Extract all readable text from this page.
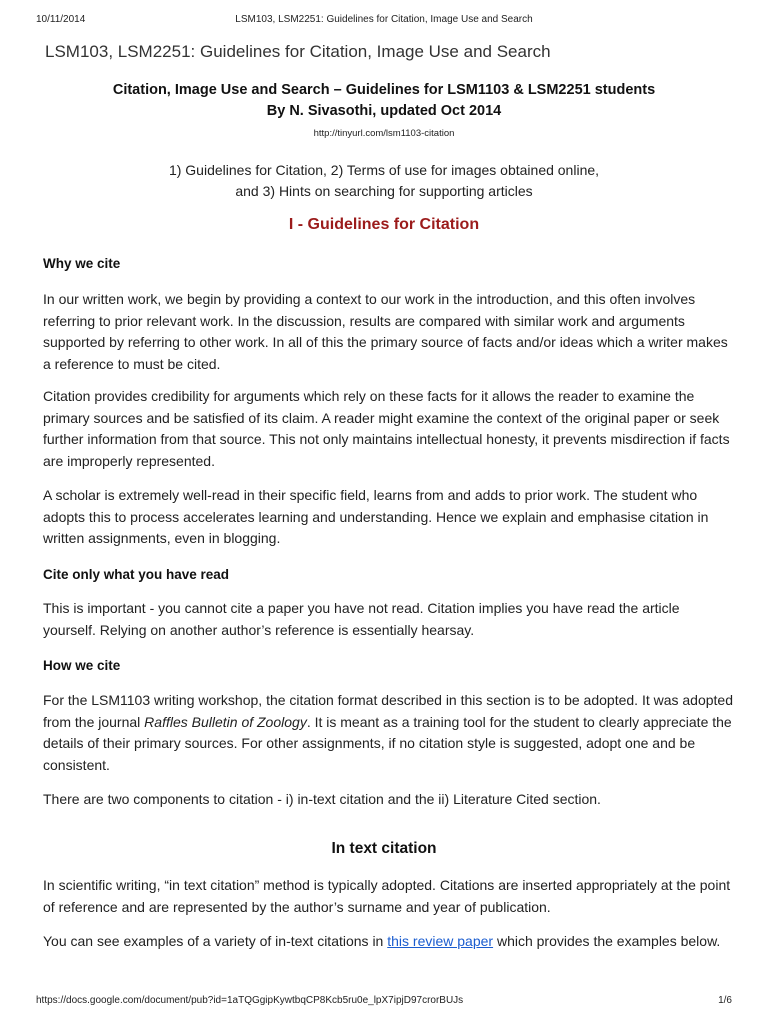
10/11/2014	LSM103, LSM2251: Guidelines for Citation, Image Use and Search
LSM103, LSM2251: Guidelines for Citation, Image Use and Search
Citation, Image Use and Search – Guidelines for LSM1103 & LSM2251 students
By N. Sivasothi, updated Oct 2014
http://tinyurl.com/lsm1103-citation
1) Guidelines for Citation, 2) Terms of use for images obtained online,
and 3) Hints on searching for supporting articles
I - Guidelines for Citation
Why we cite
In our written work, we begin by providing a context to our work in the introduction, and this often involves referring to prior relevant work. In the discussion, results are compared with similar work and arguments supported by referring to other work. In all of this the primary source of facts and/or ideas which a writer makes a reference to must be cited.
Citation provides credibility for arguments which rely on these facts for it allows the reader to examine the primary sources and be satisfied of its claim. A reader might examine the context of the original paper or seek further information from that source. This not only maintains intellectual honesty, it prevents misdirection if facts are improperly represented.
A scholar is extremely well-read in their specific field, learns from and adds to prior work. The student who adopts this to process accelerates learning and understanding. Hence we explain and emphasise citation in written assignments, even in blogging.
Cite only what you have read
This is important - you cannot cite a paper you have not read. Citation implies you have read the article yourself. Relying on another author’s reference is essentially hearsay.
How we cite
For the LSM1103 writing workshop, the citation format described in this section is to be adopted. It was adopted from the journal Raffles Bulletin of Zoology. It is meant as a training tool for the student to clearly appreciate the details of their primary sources. For other assignments, if no citation style is suggested, adopt one and be consistent.
There are two components to citation - i) in-text citation and the ii) Literature Cited section.
In text citation
In scientific writing, “in text citation” method is typically adopted. Citations are inserted appropriately at the point of reference and are represented by the author’s surname and year of publication.
You can see examples of a variety of in-text citations in this review paper which provides the examples below.
https://docs.google.com/document/pub?id=1aTQGgipKywtbqCP8Kcb5ru0e_lpX7ipjD97crorBUJs	1/6
